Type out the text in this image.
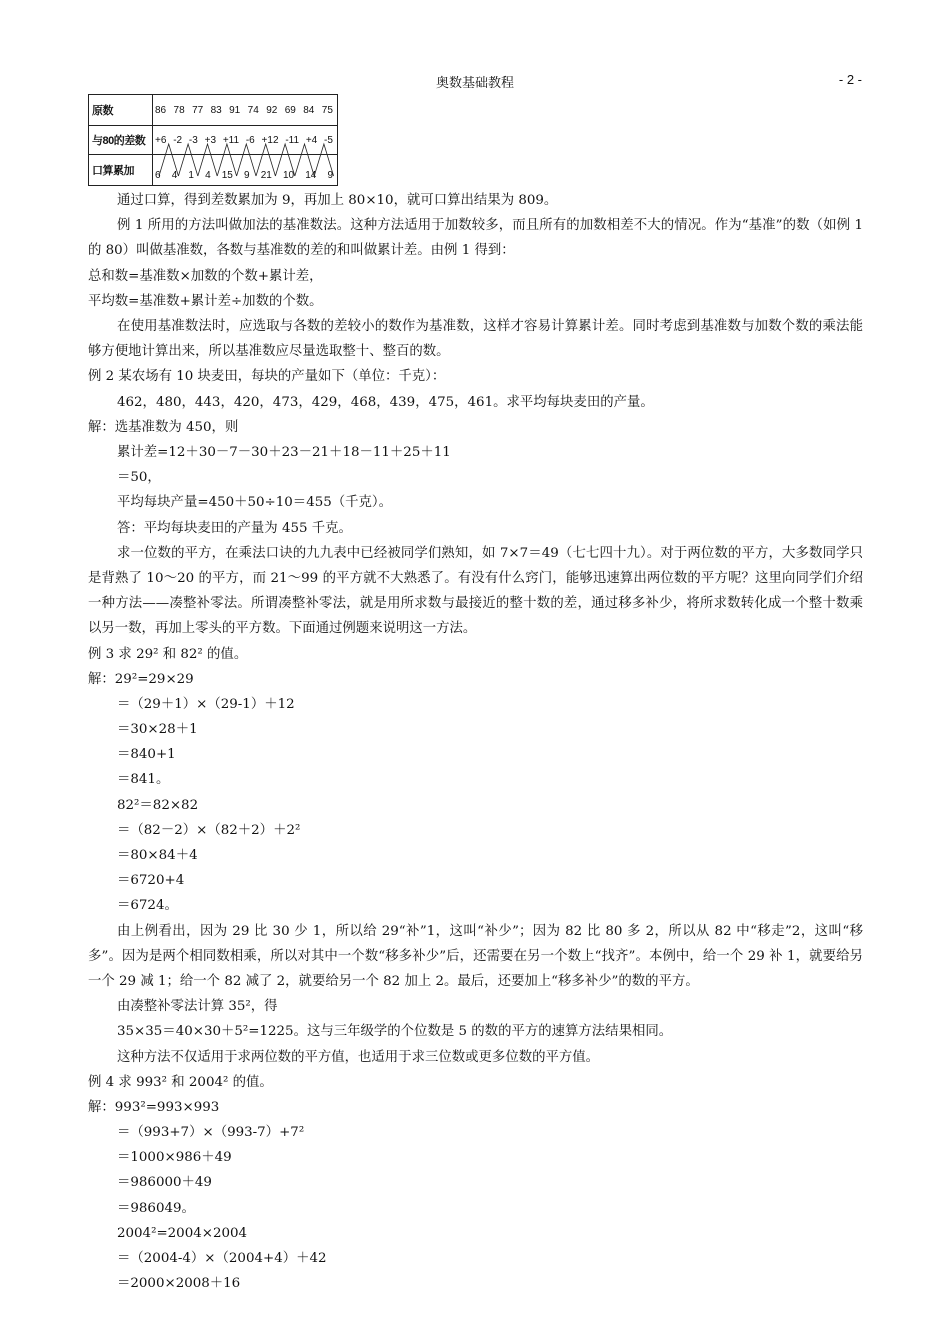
奥数基础教程	- 2 -
原数	86 78 77 83 91 74 92 69 84 75
与80的差数 +6 -2 -3 +3 +11 -6 +12 -11 +4 -5
口算累加	6 4 1 4 15 9 21 10 14 9
通过口算，得到差数累加为 9，再加上 80×10，就可口算出结果为 809。
例 1 所用的方法叫做加法的基准数法。这种方法适用于加数较多，而且所有的加数相差不大的情况。作为“基准”的数（如例 1 的 80）叫做基准数，各数与基准数的差的和叫做累计差。由例 1 得到：
总和数=基准数×加数的个数+累计差，
平均数=基准数+累计差÷加数的个数。
在使用基准数法时，应选取与各数的差较小的数作为基准数，这样才容易计算累计差。同时考虑到基准数与加数个数的乘法能够方便地计算出来，所以基准数应尽量选取整十、整百的数。
例 2 某农场有 10 块麦田，每块的产量如下（单位：千克）：
462，480，443，420，473，429，468，439，475，461。求平均每块麦田的产量。
解：选基准数为 450，则
累计差=12＋30－7－30＋23－21＋18－11＋25＋11
＝50，
平均每块产量=450＋50÷10＝455（千克）。
答：平均每块麦田的产量为 455 千克。
求一位数的平方，在乘法口诀的九九表中已经被同学们熟知，如 7×7＝49（七七四十九）。对于两位数的平方，大多数同学只是背熟了 10～20 的平方，而 21～99 的平方就不大熟悉了。有没有什么窍门，能够迅速算出两位数的平方呢？这里向同学们介绍一种方法——凑整补零法。所谓凑整补零法，就是用所求数与最接近的整十数的差，通过移多补少，将所求数转化成一个整十数乘以另一数，再加上零头的平方数。下面通过例题来说明这一方法。
例 3 求 29² 和 82² 的值。
解：29²=29×29
＝（29＋1）×（29-1）＋12
＝30×28＋1
＝840+1
＝841。
82²＝82×82
＝（82－2）×（82＋2）＋2²
＝80×84＋4
＝6720+4
＝6724。
由上例看出，因为 29 比 30 少 1，所以给 29“补”1，这叫“补少”；因为 82 比 80 多 2，所以从 82 中“移走”2，这叫“移多”。因为是两个相同数相乘，所以对其中一个数“移多补少”后，还需要在另一个数上“找齐”。本例中，给一个 29 补 1，就要给另一个 29 减 1；给一个 82 减了 2，就要给另一个 82 加上 2。最后，还要加上“移多补少”的数的平方。
由凑整补零法计算 35²，得
35×35＝40×30＋5²=1225。这与三年级学的个位数是 5 的数的平方的速算方法结果相同。
这种方法不仅适用于求两位数的平方值，也适用于求三位数或更多位数的平方值。
例 4 求 993² 和 2004² 的值。
解：993²=993×993
＝（993+7）×（993-7）+7²
＝1000×986＋49
＝986000＋49
＝986049。
2004²=2004×2004
＝（2004-4）×（2004+4）＋42
＝2000×2008＋16
